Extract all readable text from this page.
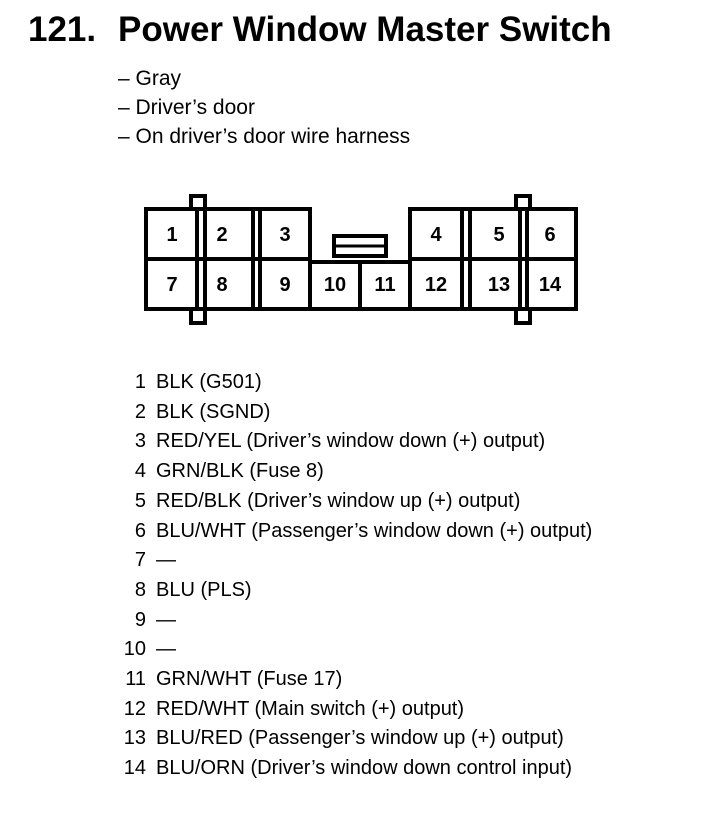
121. Power Window Master Switch
– Gray
– Driver’s door
– On driver’s door wire harness
1 2	3	4	5 6
7 8	9 10 11 12 13 14
1 BLK (G501)
2 BLK (SGND)
3 RED/YEL (Driver’s window down (+) output)
4 GRN/BLK (Fuse 8)
5 RED/BLK (Driver’s window up (+) output)
6 BLU/WHT (Passenger’s window down (+) output)
7 —
8 BLU (PLS)
9 —
10 —
11 GRN/WHT (Fuse 17)
12 RED/WHT (Main switch (+) output)
13 BLU/RED (Passenger’s window up (+) output)
14 BLU/ORN (Driver’s window down control input)
